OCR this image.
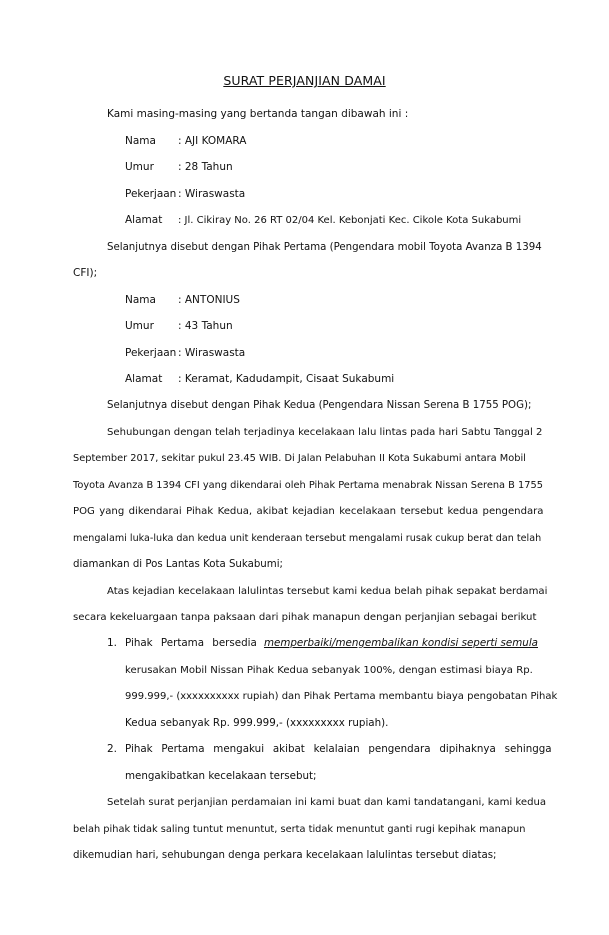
SURAT PERJANJIAN DAMAI
Kami masing-masing yang bertanda tangan dibawah ini :
Nama : AJI KOMARA
Umur : 28 Tahun
Pekerjaan : Wiraswasta
Alamat : Jl. Cikiray No. 26 RT 02/04 Kel. Kebonjati Kec. Cikole Kota Sukabumi
Selanjutnya disebut dengan Pihak Pertama (Pengendara mobil Toyota Avanza B 1394
CFI);
Nama : ANTONIUS
Umur : 43 Tahun
Pekerjaan : Wiraswasta
Alamat : Keramat, Kadudampit, Cisaat Sukabumi
Selanjutnya disebut dengan Pihak Kedua (Pengendara Nissan Serena B 1755 POG);
Sehubungan dengan telah terjadinya kecelakaan lalu lintas pada hari Sabtu Tanggal 2
September 2017, sekitar pukul 23.45 WIB. Di Jalan Pelabuhan II Kota Sukabumi antara Mobil
Toyota Avanza B 1394 CFI yang dikendarai oleh Pihak Pertama menabrak Nissan Serena B 1755
POG yang dikendarai Pihak Kedua, akibat kejadian kecelakaan tersebut kedua pengendara
mengalami luka-luka dan kedua unit kenderaan tersebut mengalami rusak cukup berat dan telah
diamankan di Pos Lantas Kota Sukabumi;
Atas kejadian kecelakaan lalulintas tersebut kami kedua belah pihak sepakat berdamai
secara kekeluargaan tanpa paksaan dari pihak manapun dengan perjanjian sebagai berikut
1. Pihak Pertama bersedia memperbaiki/mengembalikan kondisi seperti semula
kerusakan Mobil Nissan Pihak Kedua sebanyak 100%, dengan estimasi biaya Rp.
999.999,- (xxxxxxxxxx rupiah) dan Pihak Pertama membantu biaya pengobatan Pihak
Kedua sebanyak Rp. 999.999,- (xxxxxxxxx rupiah).
2. Pihak Pertama mengakui akibat kelalaian pengendara dipihaknya sehingga
mengakibatkan kecelakaan tersebut;
Setelah surat perjanjian perdamaian ini kami buat dan kami tandatangani, kami kedua
belah pihak tidak saling tuntut menuntut, serta tidak menuntut ganti rugi kepihak manapun
dikemudian hari, sehubungan denga perkara kecelakaan lalulintas tersebut diatas;
